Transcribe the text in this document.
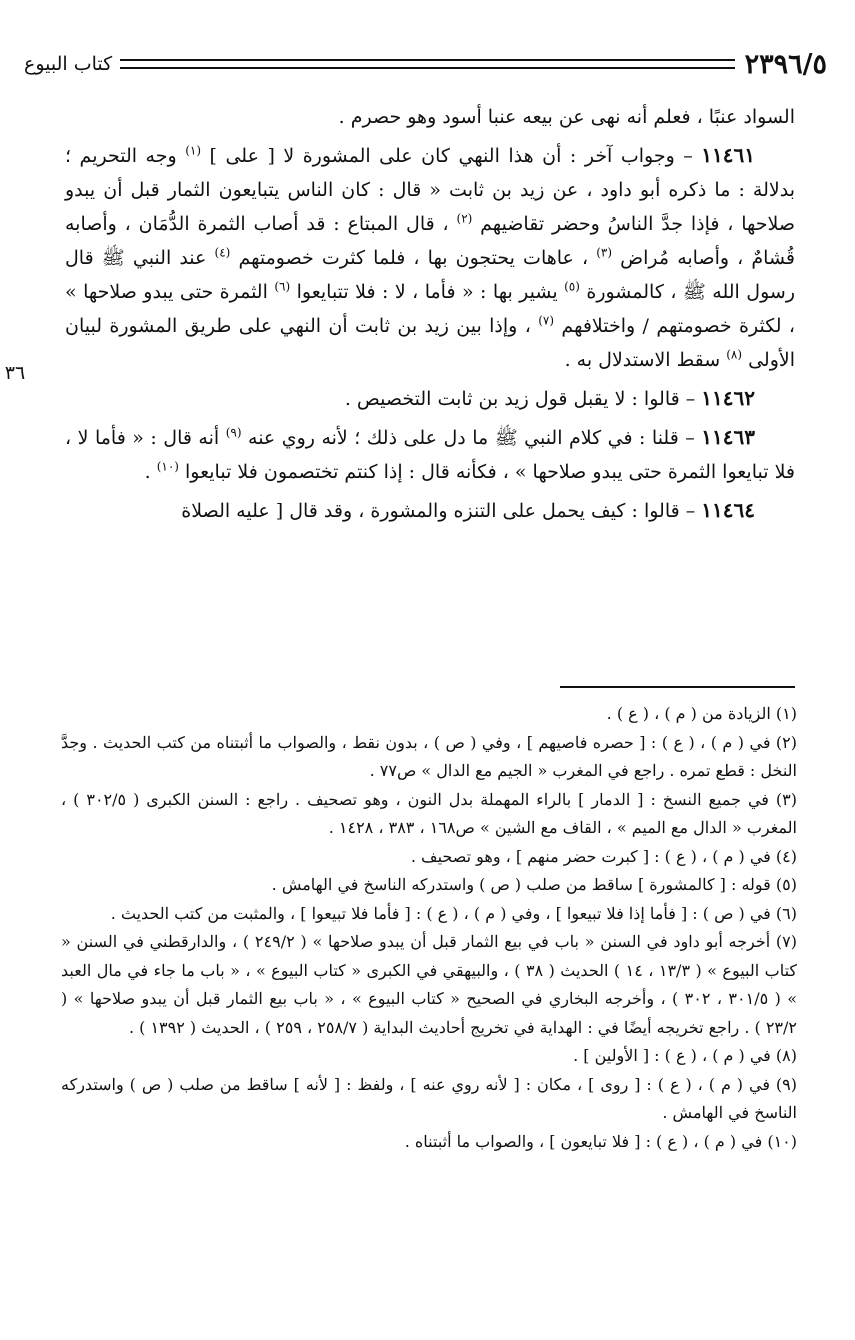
٢٣٩٦/٥
كتاب البيوع
٣٦

السواد عنبًا ، فعلم أنه نهى عن بيعه عنبا أسود وهو حصرم .

١١٤٦١ – وجواب آخر : أن هذا النهي كان على المشورة لا [ على ] $^{(١)}$ وجه التحريم ؛ بدلالة : ما ذكره أبو داود ، عن زيد بن ثابت « قال : كان الناس يتبايعون الثمار قبل أن يبدو صلاحها ، فإذا جدَّ الناسُ وحضر تقاضيهم $^{(٢)}$ ، قال المبتاع : قد أصاب الثمرة الدُّمَان ، وأصابه قُشامٌ ، وأصابه مُراض $^{(٣)}$ ، عاهات يحتجون بها ، فلما كثرت خصومتهم $^{(٤)}$ عند النبي ﷺ قال رسول الله ﷺ ، كالمشورة $^{(٥)}$ يشير بها : « فأما ، لا : فلا تتبايعوا $^{(٦)}$ الثمرة حتى يبدو صلاحها » ، لكثرة خصومتهم / واختلافهم $^{(٧)}$ ، وإذا بين زيد بن ثابت أن النهي على طريق المشورة لبيان الأولى $^{(٨)}$ سقط الاستدلال به .

١١٤٦٢ – قالوا : لا يقبل قول زيد بن ثابت التخصيص .

١١٤٦٣ – قلنا : في كلام النبي ﷺ ما دل على ذلك ؛ لأنه روي عنه $^{(٩)}$ أنه قال : « فأما لا ، فلا تبايعوا الثمرة حتى يبدو صلاحها » ، فكأنه قال : إذا كنتم تختصمون فلا تبايعوا $^{(١٠)}$ .

١١٤٦٤ – قالوا : كيف يحمل على التنزه والمشورة ، وقد قال [ عليه الصلاة

(١) الزيادة من ( م ) ، ( ع ) .

(٢) في ( م ) ، ( ع ) : [ حصره فاصيهم ] ، وفي ( ص ) ، بدون نقط ، والصواب ما أثبتناه من كتب الحديث . وجدَّ النخل : قطع تمره . راجع في المغرب « الجيم مع الدال » ص٧٧ .

(٣) في جميع النسخ : [ الدمار ] بالراء المهملة بدل النون ، وهو تصحيف . راجع : السنن الكبرى ( ٣٠٢/٥ ) ، المغرب « الدال مع الميم » ، القاف مع الشين » ص١٦٨ ، ٣٨٣ ، ١٤٢٨ .

(٤) في ( م ) ، ( ع ) : [ كبرت حضر منهم ] ، وهو تصحيف .

(٥) قوله : [ كالمشورة ] ساقط من صلب ( ص ) واستدركه الناسخ في الهامش .

(٦) في ( ص ) : [ فأما إذا فلا تبيعوا ] ، وفي ( م ) ، ( ع ) : [ فأما فلا تبيعوا ] ، والمثبت من كتب الحديث .

(٧) أخرجه أبو داود في السنن « باب في بيع الثمار قبل أن يبدو صلاحها » ( ٢٤٩/٢ ) ، والدارقطني في السنن « كتاب البيوع » ( ١٣/٣ ، ١٤ ) الحديث ( ٣٨ ) ، والبيهقي في الكبرى « كتاب البيوع » ، « باب ما جاء في مال العبد » ( ٣٠١/٥ ، ٣٠٢ ) ، وأخرجه البخاري في الصحيح « كتاب البيوع » ، « باب بيع الثمار قبل أن يبدو صلاحها » ( ٢٣/٢ ) . راجع تخريجه أيضًا في : الهداية في تخريج أحاديث البداية ( ٢٥٨/٧ ، ٢٥٩ ) ، الحديث ( ١٣٩٢ ) .

(٨) في ( م ) ، ( ع ) : [ الأولين ] .

(٩) في ( م ) ، ( ع ) : [ روى ] ، مكان : [ لأنه روي عنه ] ، ولفظ : [ لأنه ] ساقط من صلب ( ص ) واستدركه الناسخ في الهامش .

(١٠) في ( م ) ، ( ع ) : [ فلا تبايعون ] ، والصواب ما أثبتناه .
